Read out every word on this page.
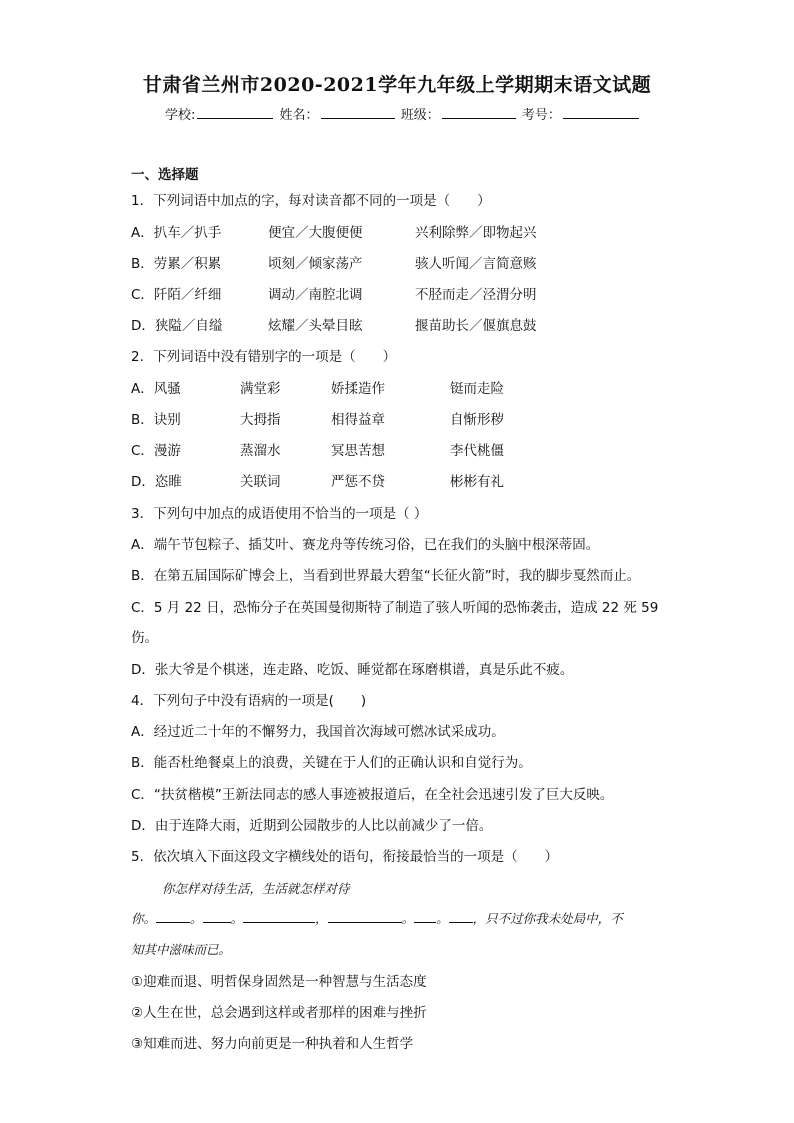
甘肃省兰州市2020-2021学年九年级上学期期末语文试题
学校:	姓名：	班级：	考号：
一、选择题
1．下列词语中加点的字，每对读音都不同的一项是（　　）
A．扒车／扒手	便宜／大腹便便	兴利除弊／即物起兴
B．劳累／积累	顷刻／倾家荡产	骇人听闻／言简意赅
C．阡陌／纤细	调动／南腔北调	不胫而走／泾渭分明
D．狭隘／自缢	炫耀／头晕目眩	揠苗助长／偃旗息鼓
2．下列词语中没有错别字的一项是（　　）
A．风骚	满堂彩	娇揉造作	铤而走险
B．诀别	大拇指	相得益章	自惭形秽
C．漫游	蒸溜水	冥思苦想	李代桃僵
D．恣睢	关联词	严惩不贷	彬彬有礼
3．下列句中加点的成语使用不恰当的一项是（ ）
A．端午节包粽子、插艾叶、赛龙舟等传统习俗，已在我们的头脑中根深蒂固。
B．在第五届国际矿博会上，当看到世界最大碧玺“长征火箭”时，我的脚步戛然而止。
C．5 月 22 日，恐怖分子在英国曼彻斯特了制造了骇人听闻的恐怖袭击，造成 22 死 59
伤。
D．张大爷是个棋迷，连走路、吃饭、睡觉都在琢磨棋谱，真是乐此不疲。
4．下列句子中没有语病的一项是(　　)
A．经过近二十年的不懈努力，我国首次海域可燃冰试采成功。
B．能否杜绝餐桌上的浪费，关键在于人们的正确认识和自觉行为。
C．“扶贫楷模”王新法同志的感人事迹被报道后，在全社会迅速引发了巨大反映。
D．由于连降大雨，近期到公园散步的人比以前减少了一倍。
5．依次填入下面这段文字横线处的语句，衔接最恰当的一项是（　　）
你怎样对待生活，生活就怎样对待
你。	。 。	，	。 。 ，只不过你我未处局中，不
知其中滋味而已。
①迎难而退、明哲保身固然是一种智慧与生活态度
②人生在世，总会遇到这样或者那样的困难与挫折
③知难而进、努力向前更是一种执着和人生哲学
